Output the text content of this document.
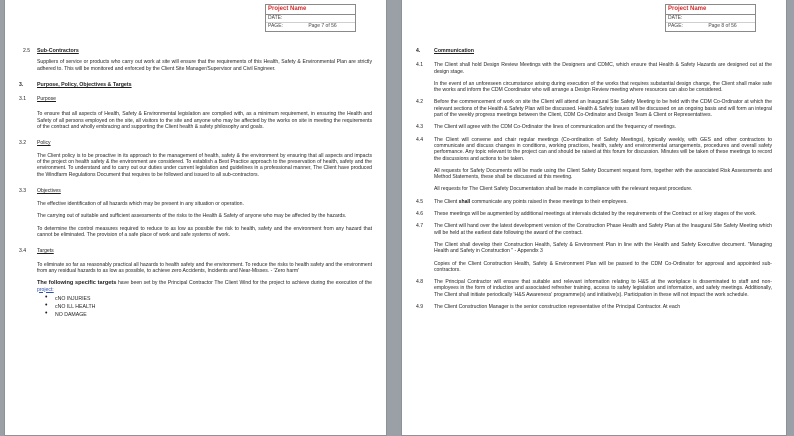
Project Name
DATE:
PAGE:	Page 7 of 56
2.5 Sub-Contractors

Suppliers of service or products who carry out work at site will ensure that the requirements of this Health, Safety & Environmental Plan are strictly adhered to. This will be monitored and enforced by the Client Site Manager/Supervisor and Civil Engineer.

3.	Purpose, Policy, Objectives & Targets
3.1 Purpose

To ensure that all aspects of Health, Safety & Environmental legislation are complied with, as a minimum requirement, in ensuring the Health and Safety of all persons employed on the site, all visitors to the site and anyone who may be affected by the works on site in meeting the requirements of the contract and wholly embracing and supporting the Client health & safety philosophy and goals.

3.2 Policy

The Client policy is to be proactive in its approach to the management of health, safety & the environment by ensuring that all aspects and impacts of the project on health safety & the environment are considered. To establish a Best Practice approach to the preservation of health, safety and the environment. To understand and to carry out our duties under current legislation and guidelines in a professional manner, The Client have produced the Windfarm Regulations Document that requires to be followed and issued to all sub-contractors.

3.3 Objectives

The effective identification of all hazards which may be present in any situation or operation.

The carrying out of suitable and sufficient assessments of the risks to the Health & Safety of anyone who may be affected by the hazards.

To determine the control measures required to reduce to as low as possible the risk to health, safety and the environment from any hazard that cannot be eliminated. The provision of a safe place of work and safe systems of work.

3.4 Targets

To eliminate so far as reasonably practical all hazards to health safety and the environment. To reduce the risks to health safety and the environment from any residual hazards to as low as possible, to achieve zero Accidents, Incidents and Near-Misses. - 'Zero harm'

The following specific targets have been set by the Principal Contractor The Client Wind for the project to achieve during the execution of the project:

• cNO INJURIES
• cNO ILL HEALTH
• NO DAMAGE
Project Name
DATE:
PAGE:	Page 8 of 56
4.	Communication
4.1 The Client shall hold Design Review Meetings with the Designers and CDMC, which ensure that Health & Safety Hazards are designed out at the design stage.

In the event of an unforeseen circumstance arising during execution of the works that requires substantial design change, the Client shall make safe the works and inform the CDM Coordinator who will arrange a Design Review meeting where resources can also be considered.

4.2 Before the commencement of work on site the Client will attend an Inaugural Site Safety Meeting to be held with the CDM Co-Ordinator at which the relevant sections of the Health & Safety Plan will be discussed. Health & Safety issues will be discussed on an ongoing basis and will form an integral part of the weekly progress meetings between the Client, CDM Co-Ordinator and Design Team & Client or Representatives.

4.3 The Client will agree with the CDM Co-Ordinator the lines of communication and the frequency of meetings.

4.4 The Client will convene and chair regular meetings (Co-ordination of Safety Meetings), typically weekly, with GES and other contractors to communicate and discuss changes in conditions, working practices, health, safety and environmental arrangements, procedures and overall safety performance. Any topic relevant to the project can and should be raised at this forum for discussion. Minutes will be taken of these meetings to record the discussions and actions to be taken.

All requests for Safety Documents will be made using the Client Safety Document request form, together with the associated Risk Assessments and Method Statements, these shall be discussed at this meeting.

All requests for The Client Safety Documentation shall be made in compliance with the relevant request procedure.

4.5 The Client shall communicate any points raised in these meetings to their employees.

4.6 These meetings will be augmented by additional meetings at intervals dictated by the requirements of the Contract or at key stages of the work.

4.7 The Client will hand over the latest development version of the Construction Phase Health and Safety Plan at the Inaugural Site Safety Meeting which will be held at the earliest date following the award of the contract.

The Client shall develop their Construction Health, Safety & Environment Plan in line with the Health and Safety Executive document. "Managing Health and Safety in Construction " - Appendix 3

Copies of the Client Construction Health, Safety & Environment Plan will be passed to the CDM Co-Ordinator for approval and appointed sub-contractors.

4.8 The Principal Contractor will ensure that suitable and relevant information relating to H&S at the workplace is disseminated to staff and non-employees in the form of induction and associated refresher training, access to safety legislation and information, and safety meetings. Additionally, The Client shall initiate periodically 'H&S Awareness' programme(s) and initiative(s). Participation in these will not impact the work schedule.

4.9 The Client Construction Manager is the senior construction representative of the Principal Contractor. At each
